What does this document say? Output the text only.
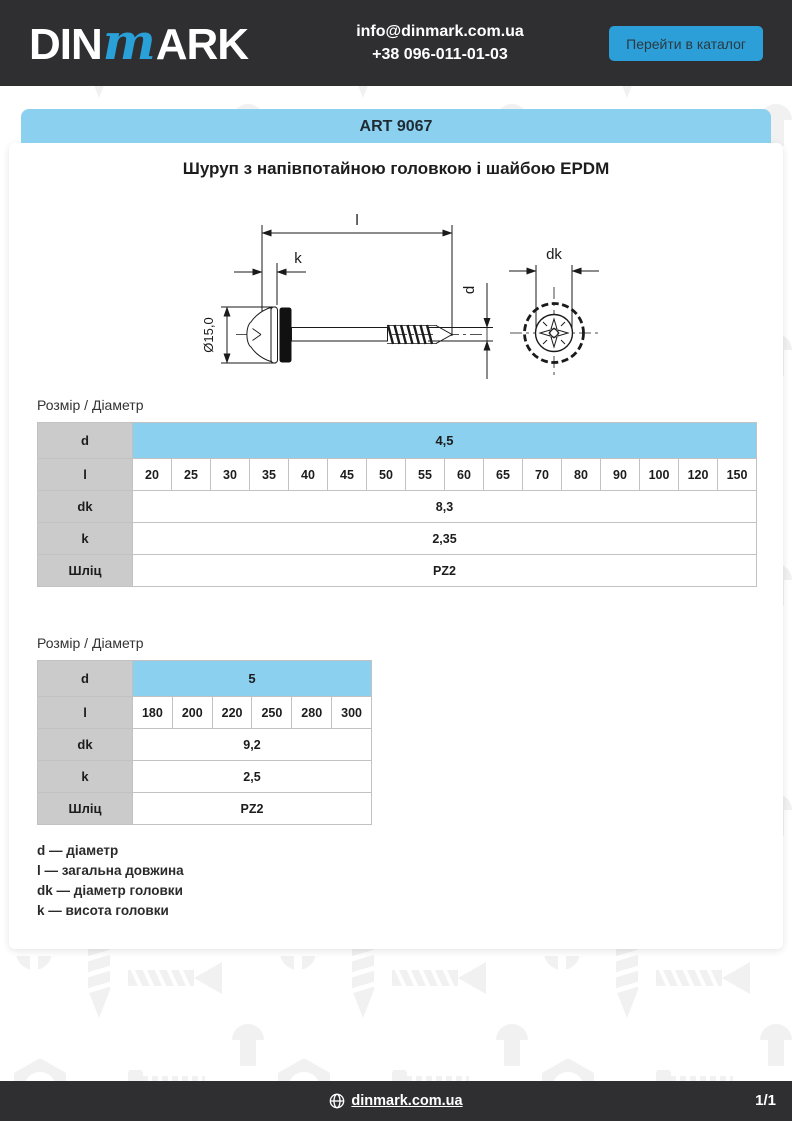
DINmARK	info@dinmark.com.ua
+38 096-011-01-03
Перейти в каталог
ART 9067
Шуруп з напівпотайною головкою і шайбою EPDM
l
k
Ø15,0
d
dk
Розмір / Діаметр
d	4,5															
l	20	25	30	35	40	45	50	55	60	65	70	80	90	100	120	150
dk	8,3															
k	2,35															
Шліц	PZ2															
Розмір / Діаметр
d	5					
l	180	200	220	250	280	300
dk	9,2					
k	2,5					
Шліц	PZ2					
d — діаметр
l — загальна довжина
dk — діаметр головки
k — висота головки
dinmark.com.ua	1/1
